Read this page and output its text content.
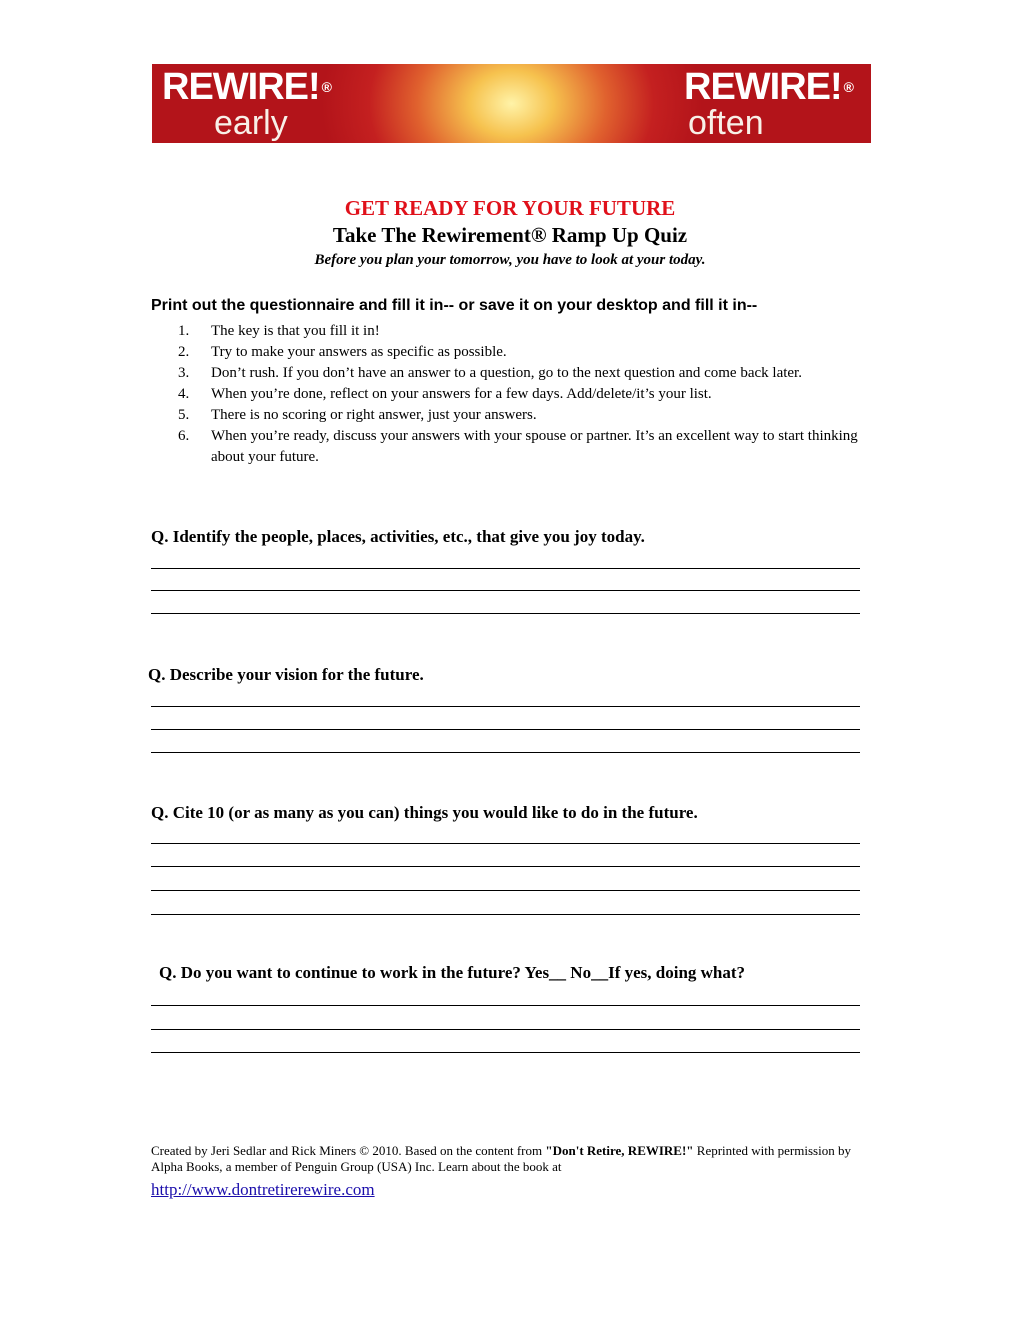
REWIRE! ®
early
REWIRE! ®
often
GET READY FOR YOUR FUTURE
Take The Rewirement® Ramp Up Quiz
Before you plan your tomorrow, you have to look at your today.
Print out the questionnaire and fill it in-- or save it on your desktop and fill it in--
1. The key is that you fill it in!
2. Try to make your answers as specific as possible.
3. Don’t rush. If you don’t have an answer to a question, go to the next question and come back later.
4. When you’re done, reflect on your answers for a few days. Add/delete/it’s your list.
5. There is no scoring or right answer, just your answers.
6. When you’re ready, discuss your answers with your spouse or partner. It’s an excellent way to start thinking about your future.
Q. Identify the people, places, activities, etc., that give you joy today.
Q. Describe your vision for the future.
Q. Cite 10 (or as many as you can) things you would like to do in the future.
Q. Do you want to continue to work in the future? Yes__ No__If yes, doing what?
Created by Jeri Sedlar and Rick Miners © 2010. Based on the content from "Don't Retire, REWIRE!" Reprinted with permission by Alpha Books, a member of Penguin Group (USA) Inc. Learn about the book at
http://www.dontretirerewire.com
